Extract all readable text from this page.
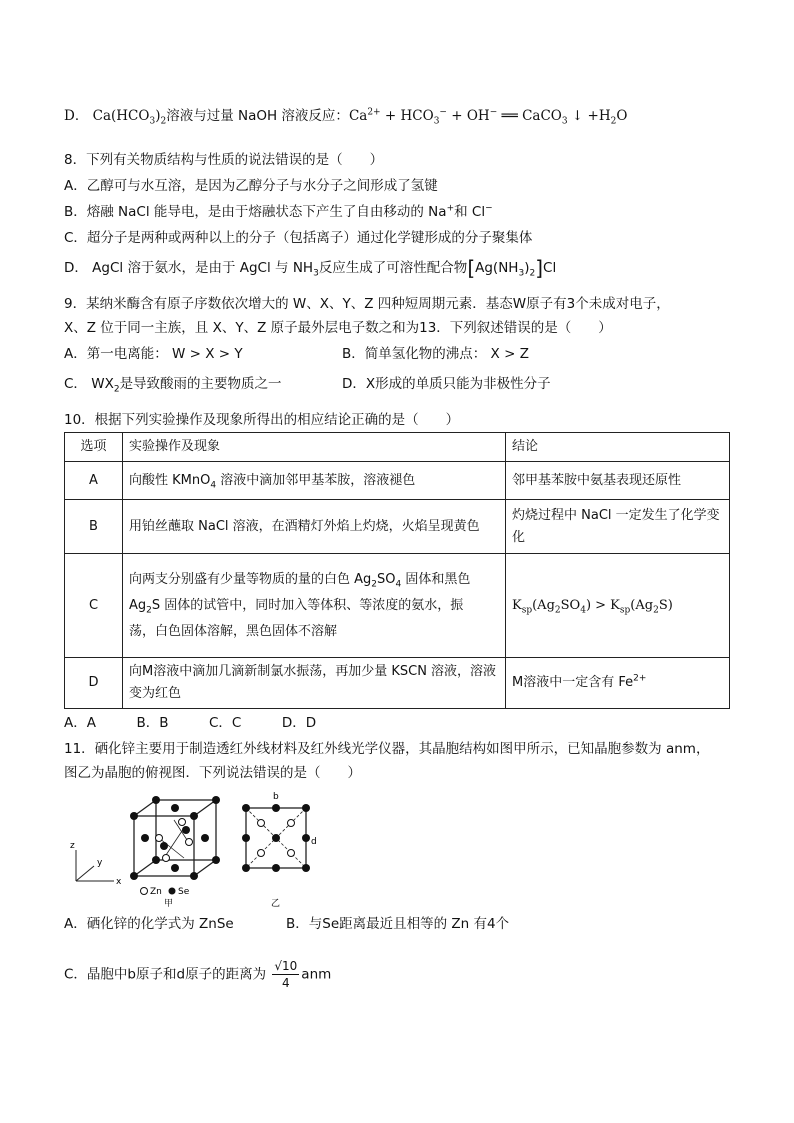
D． $Ca(HCO_3)_2$溶液与过量 NaOH 溶液反应：$Ca^{2+} + HCO_3^- + OH^-$ ══ CaCO$_3$ ↓ $+H_2O$
8．下列有关物质结构与性质的说法错误的是（　　）
A．乙醇可与水互溶，是因为乙醇分子与水分子之间形成了氢键
B．熔融 NaCl 能导电，是由于熔融状态下产生了自由移动的 Na+和 Cl−
C．超分子是两种或两种以上的分子（包括离子）通过化学键形成的分子聚集体
D． AgCl 溶于氨水，是由于 AgCl 与 $NH_3$反应生成了可溶性配合物$[Ag(NH_3)_2]Cl$
9．某纳米酶含有原子序数依次增大的 W、X、Y、Z 四种短周期元素．基态W原子有3个未成对电子，
X、Z 位于同一主族，且 X、Y、Z 原子最外层电子数之和为13．下列叙述错误的是（　　）
A．第一电离能： W > X > Y	B．简单氢化物的沸点： X > Z
C． $WX_2$是导致酸雨的主要物质之一	D．X形成的单质只能为非极性分子
10．根据下列实验操作及现象所得出的相应结论正确的是（　　）
选项	实验操作及现象	结论
A	向酸性 KMnO$_4$ 溶液中滴加邻甲基苯胺，溶液褪色	邻甲基苯胺中氨基表现还原性
B	用铂丝蘸取 NaCl 溶液，在酒精灯外焰上灼烧，火焰呈现黄色	灼烧过程中 NaCl 一定发生了化学变化
C	向两支分别盛有少量等物质的量的白色 $Ag_2SO_4$ 固体和黑色
$Ag_2S$ 固体的试管中，同时加入等体积、等浓度的氨水，振
荡，白色固体溶解，黑色固体不溶解	$K_{sp}(Ag_2SO_4) > K_{sp}(Ag_2S)$
D	向M溶液中滴加几滴新制氯水振荡，再加少量 KSCN 溶液，溶液变为红色	M溶液中一定含有 $Fe^{2+}$
A．A　　　B．B　　　C．C　　　D．D
11．硒化锌主要用于制造透红外线材料及红外线光学仪器，其晶胞结构如图甲所示，已知晶胞参数为 anm，
图乙为晶胞的俯视图．下列说法错误的是（　　）
z
y
x
Zn Se
甲
b
d
乙
A．硒化锌的化学式为 ZnSe	B．与Se距离最近且相等的 Zn 有4个
C．晶胞中b原子和d原子的距离为 $\frac{√10}{4}$ anm
